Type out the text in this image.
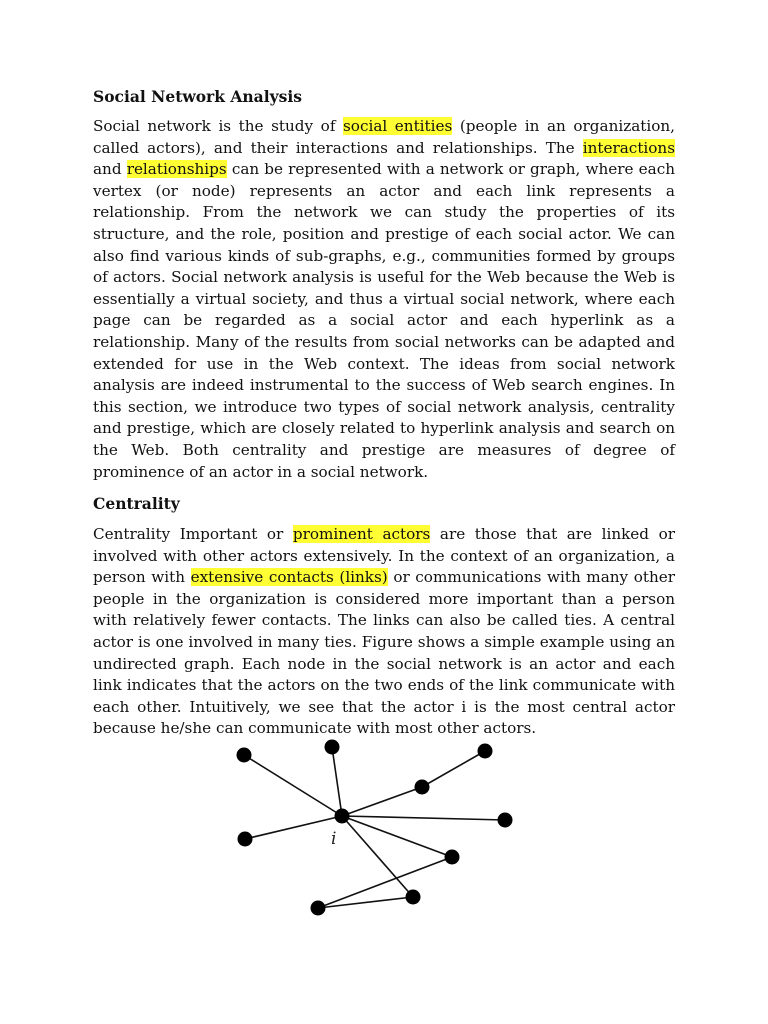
Social Network Analysis

Social network is the study of social entities (people in an organization, called actors), and their interactions and relationships. The interactions and relationships can be represented with a network or graph, where each vertex (or node) represents an actor and each link represents a relationship. From the network we can study the properties of its structure, and the role, position and prestige of each social actor. We can also find various kinds of sub-graphs, e.g., communities formed by groups of actors. Social network analysis is useful for the Web because the Web is essentially a virtual society, and thus a virtual social network, where each page can be regarded as a social actor and each hyperlink as a relationship. Many of the results from social networks can be adapted and extended for use in the Web context. The ideas from social network analysis are indeed instrumental to the success of Web search engines. In this section, we introduce two types of social network analysis, centrality and prestige, which are closely related to hyperlink analysis and search on the Web. Both centrality and prestige are measures of degree of prominence of an actor in a social network.

Centrality

Centrality Important or prominent actors are those that are linked or involved with other actors extensively. In the context of an organization, a person with extensive contacts (links) or communications with many other people in the organization is considered more important than a person with relatively fewer contacts. The links can also be called ties. A central actor is one involved in many ties. Figure shows a simple example using an undirected graph. Each node in the social network is an actor and each link indicates that the actors on the two ends of the link communicate with each other. Intuitively, we see that the actor i is the most central actor because he/she can communicate with most other actors.

i
